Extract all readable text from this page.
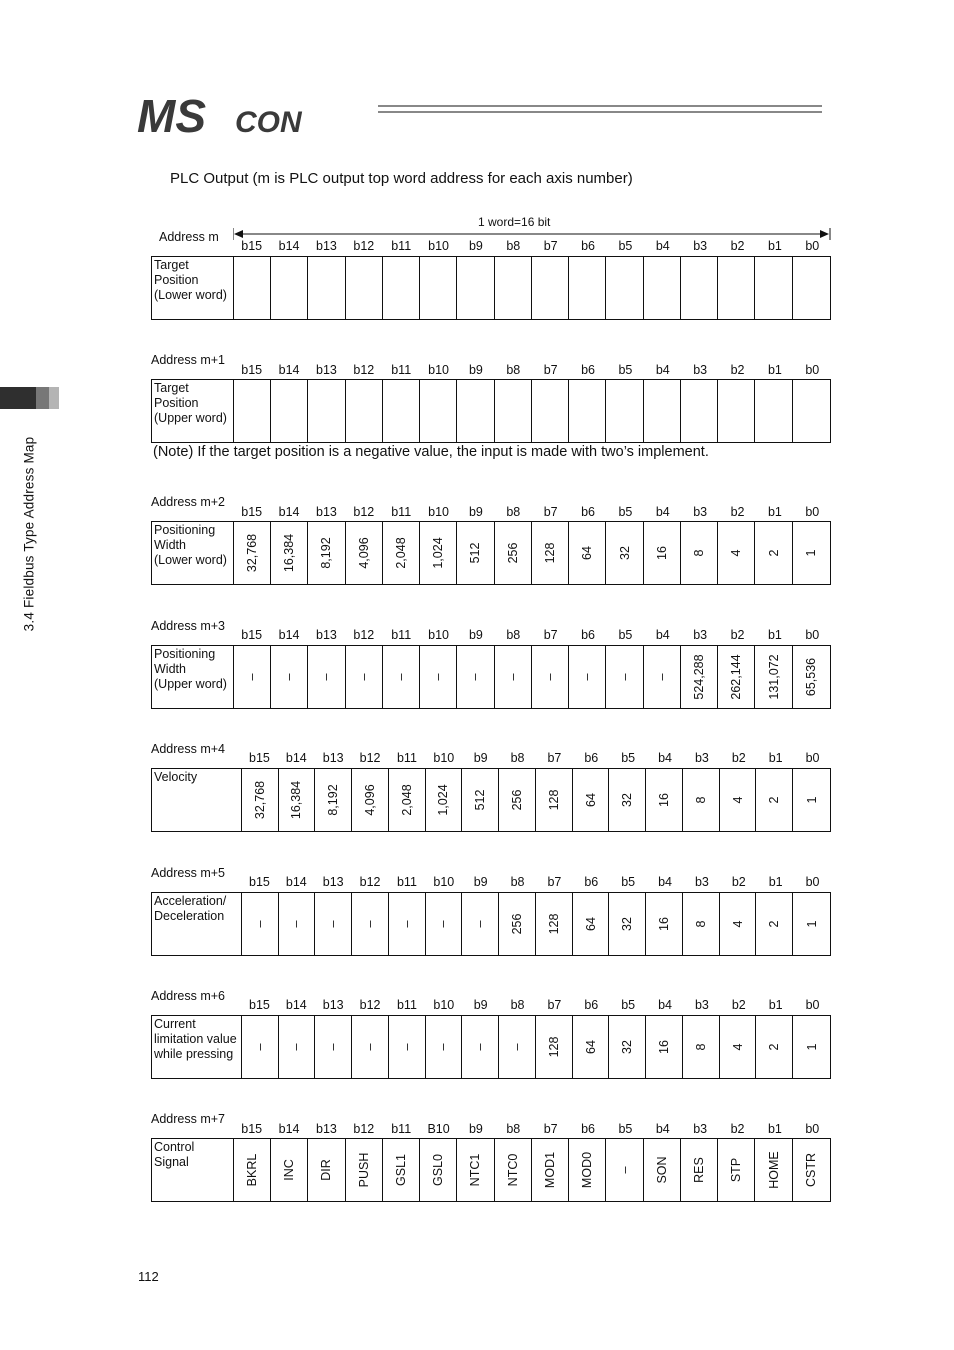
MS CON
3.4 Fieldbus Type Address Map
PLC Output (m is PLC output top word address for each axis number)
1 word=16 bit
(Note) If the target position is a negative value, the input is made with two’s implement.
Address m
b15	b14	b13	b12	b11	b10	b9	b8	b7	b6	b5	b4	b3	b2	b1	b0
Target
Position
(Lower word)
Address m+1
b15	b14	b13	b12	b11	b10	b9	b8	b7	b6	b5	b4	b3	b2	b1	b0
Target
Position
(Upper word)
Address m+2
b15	b14	b13	b12	b11	b10	b9	b8	b7	b6	b5	b4	b3	b2	b1	b0
Positioning
Width
(Lower word)	32,768 16,384 8,192 4,096 2,048 1,024 512 256 128 64 32 16 8 4 2 1
Address m+3
b15	b14	b13	b12	b11	b10	b9	b8	b7	b6	b5	b4	b3	b2	b1	b0
Positioning
Width
(Upper word)	– – – – – – – – – – – – 524,288 262,144 131,072 65,536
Address m+4
b15	b14	b13	b12	b11	b10	b9	b8	b7	b6	b5	b4	b3	b2	b1	b0
Velocity
32,768 16,384 8,192 4,096 2,048 1,024 512 256 128 64 32 16 8 4 2 1
Address m+5
b15	b14	b13	b12	b11	b10	b9	b8	b7	b6	b5	b4	b3	b2	b1	b0
Acceleration/
Deceleration
– – – – – – – 256 128 64 32 16 8 4 2 1
Address m+6
b15	b14	b13	b12	b11	b10	b9	b8	b7	b6	b5	b4	b3	b2	b1	b0
Current
limitation value
while pressing	– – – – – – – – 128 64 32 16 8 4 2 1
Address m+7
b15	b14	b13	b12	b11	B10	b9	b8	b7	b6	b5	b4	b3	b2	b1	b0
Control
Signal	BKRL INC DIR PUSH GSL1 GSL0 NTC1 NTC0 MOD1 MOD0 – SON RES STP HOME CSTR
112
